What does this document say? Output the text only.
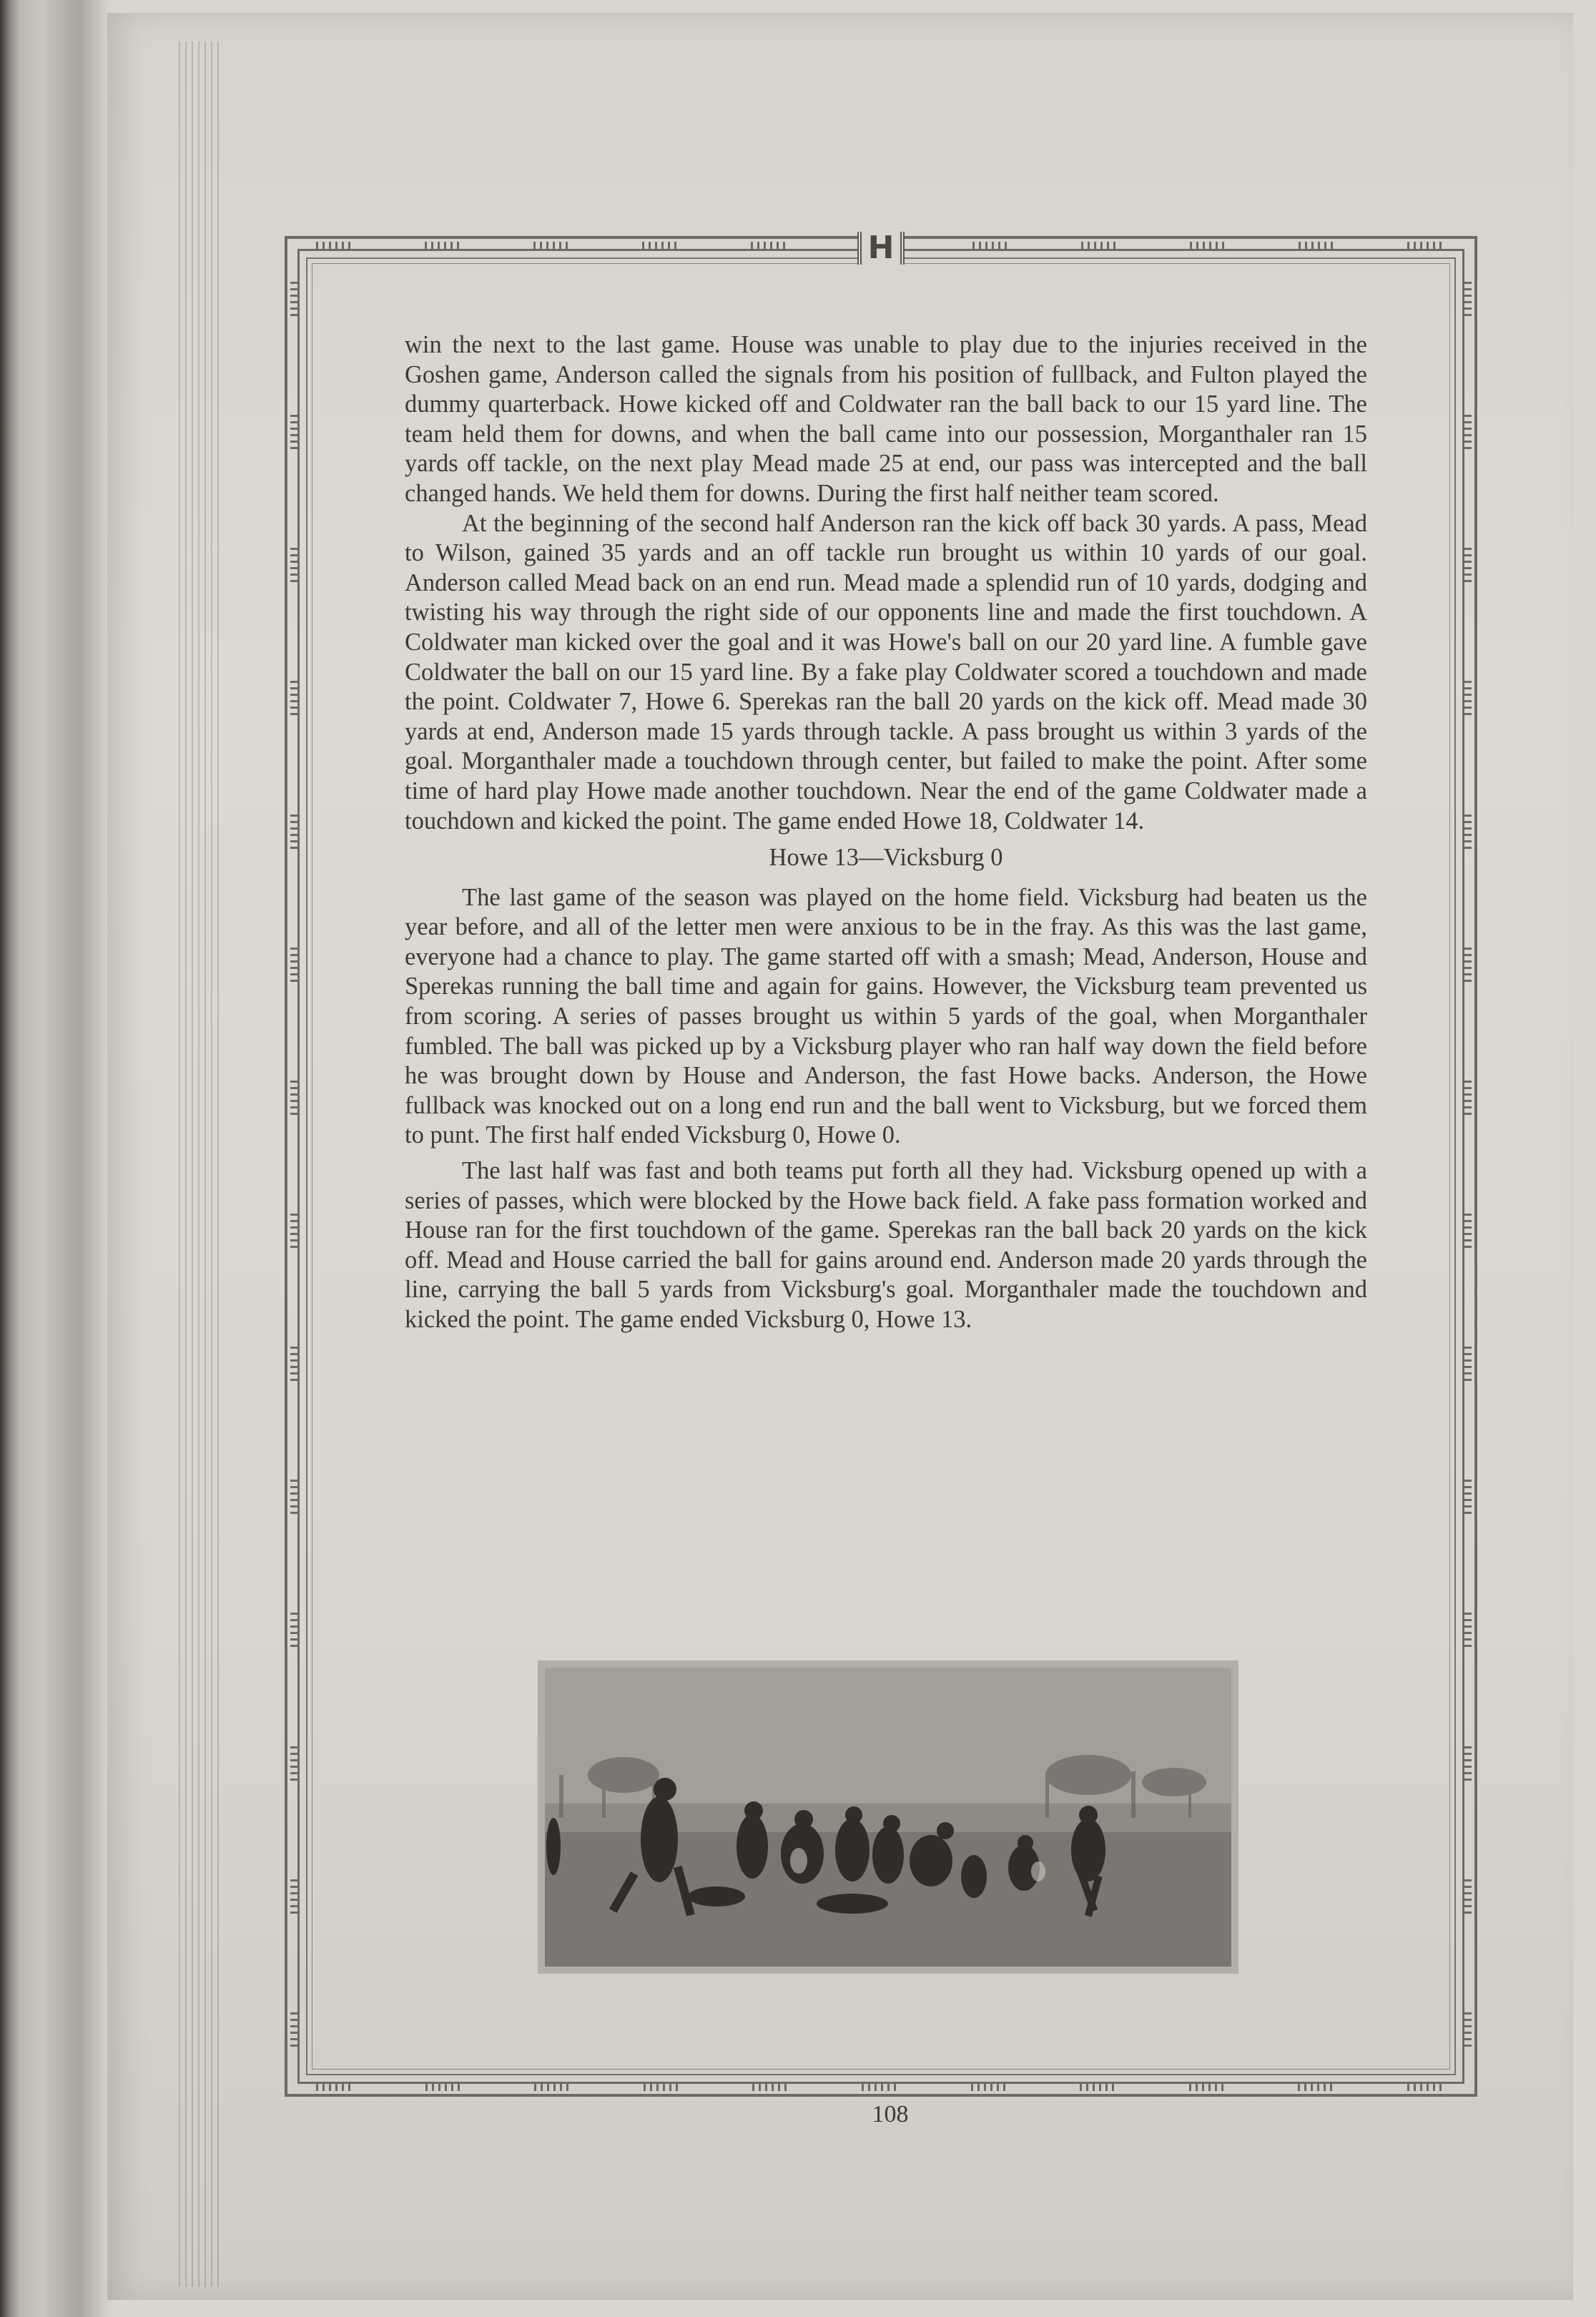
H

win the next to the last game. House was unable to play due to the injuries received in the Goshen game, Anderson called the signals from his position of fullback, and Fulton played the dummy quarterback. Howe kicked off and Coldwater ran the ball back to our 15 yard line. The team held them for downs, and when the ball came into our possession, Morganthaler ran 15 yards off tackle, on the next play Mead made 25 at end, our pass was intercepted and the ball changed hands. We held them for downs. During the first half neither team scored.

At the beginning of the second half Anderson ran the kick off back 30 yards. A pass, Mead to Wilson, gained 35 yards and an off tackle run brought us within 10 yards of our goal. Anderson called Mead back on an end run. Mead made a splendid run of 10 yards, dodging and twisting his way through the right side of our opponents line and made the first touchdown. A Coldwater man kicked over the goal and it was Howe's ball on our 20 yard line. A fumble gave Coldwater the ball on our 15 yard line. By a fake play Coldwater scored a touchdown and made the point. Coldwater 7, Howe 6. Sperekas ran the ball 20 yards on the kick off. Mead made 30 yards at end, Anderson made 15 yards through tackle. A pass brought us within 3 yards of the goal. Morganthaler made a touchdown through center, but failed to make the point. After some time of hard play Howe made another touchdown. Near the end of the game Coldwater made a touchdown and kicked the point. The game ended Howe 18, Coldwater 14.

Howe 13—Vicksburg 0

The last game of the season was played on the home field. Vicksburg had beaten us the year before, and all of the letter men were anxious to be in the fray. As this was the last game, everyone had a chance to play. The game started off with a smash; Mead, Anderson, House and Sperekas running the ball time and again for gains. However, the Vicksburg team prevented us from scoring. A series of passes brought us within 5 yards of the goal, when Morganthaler fumbled. The ball was picked up by a Vicksburg player who ran half way down the field before he was brought down by House and Anderson, the fast Howe backs. Anderson, the Howe fullback was knocked out on a long end run and the ball went to Vicksburg, but we forced them to punt. The first half ended Vicksburg 0, Howe 0.

The last half was fast and both teams put forth all they had. Vicksburg opened up with a series of passes, which were blocked by the Howe back field. A fake pass formation worked and House ran for the first touchdown of the game. Sperekas ran the ball back 20 yards on the kick off. Mead and House carried the ball for gains around end. Anderson made 20 yards through the line, carrying the ball 5 yards from Vicksburg's goal. Morganthaler made the touchdown and kicked the point. The game ended Vicksburg 0, Howe 13.

108
